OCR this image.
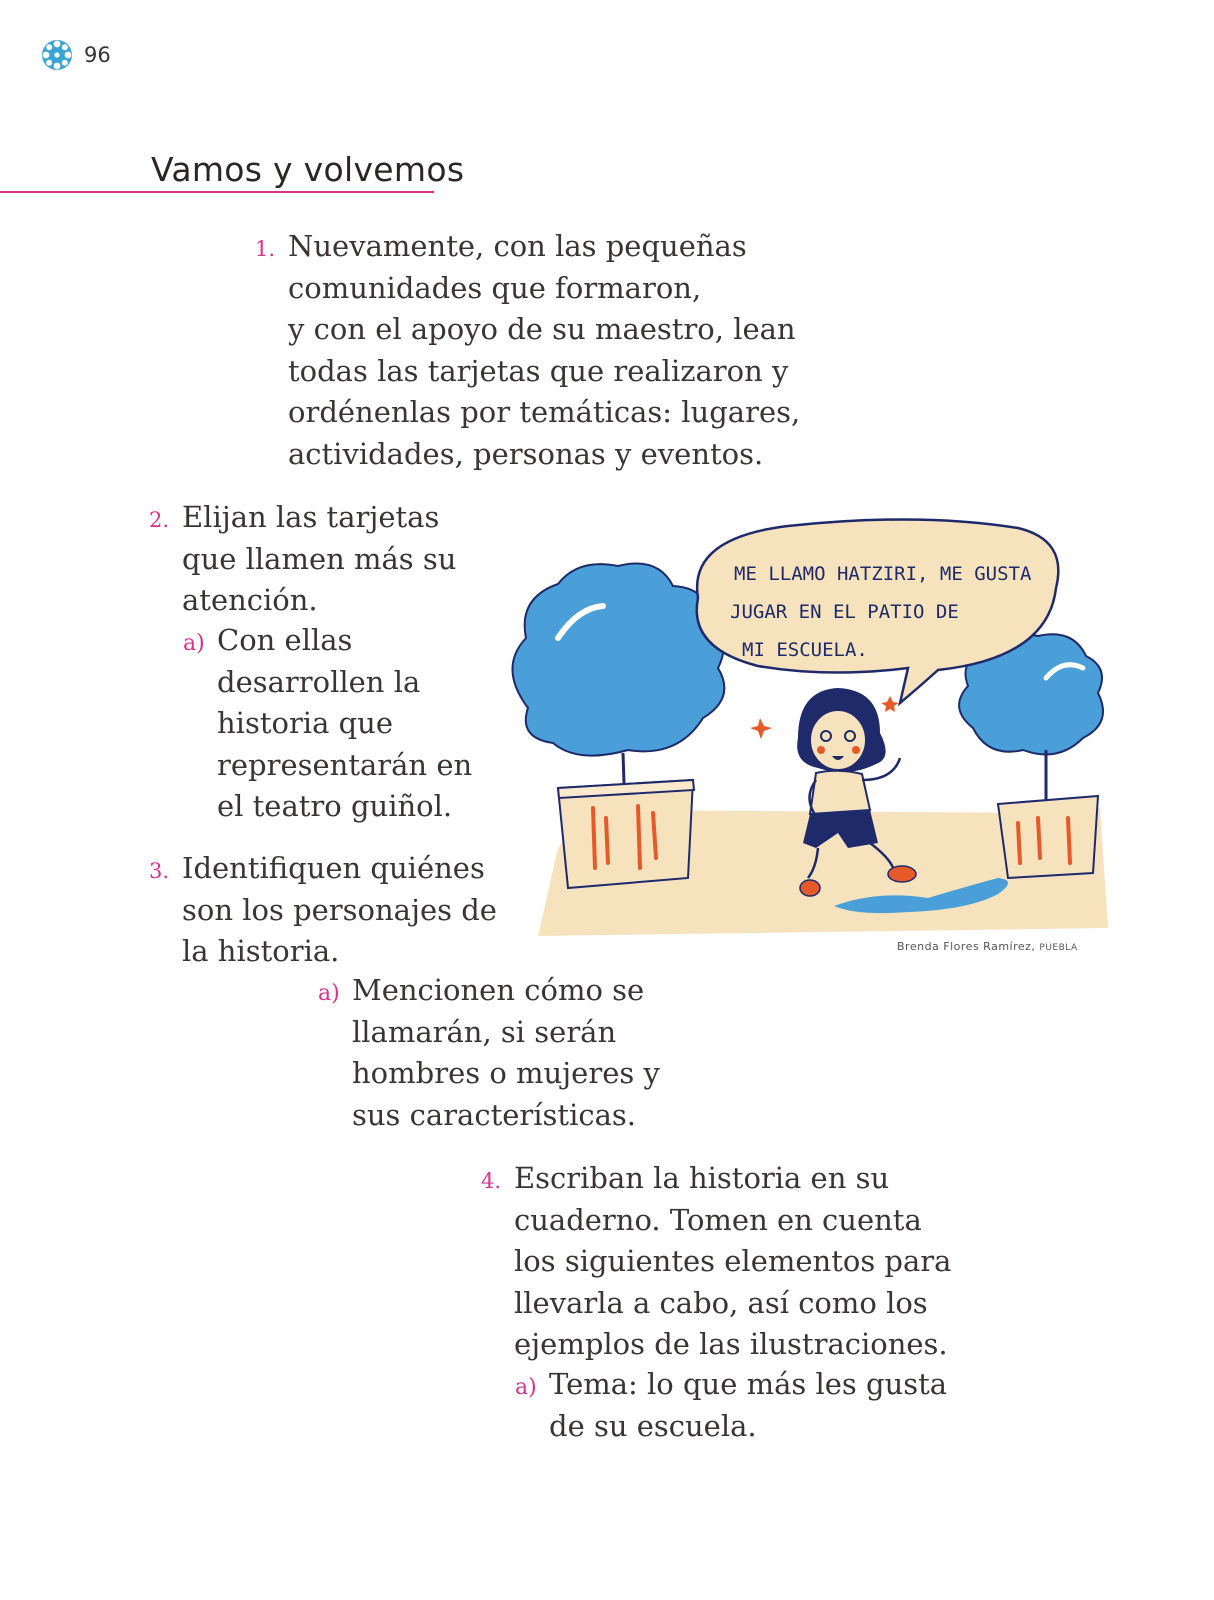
96
Vamos y volvemos
1. Nuevamente, con las pequeñas
comunidades que formaron,
y con el apoyo de su maestro, lean
todas las tarjetas que realizaron y
ordénenlas por temáticas: lugares,
actividades, personas y eventos.
2. Elijan las tarjetas
que llamen más su
atención.
a) Con ellas
desarrollen la
historia que
representarán en
el teatro guiñol.
3. Identifiquen quiénes
son los personajes de
la historia.
a) Mencionen cómo se
llamarán, si serán
hombres o mujeres y
sus características.
4. Escriban la historia en su
cuaderno. Tomen en cuenta
los siguientes elementos para
llevarla a cabo, así como los
ejemplos de las ilustraciones.
a) Tema: lo que más les gusta
de su escuela.
ME LLAMO HATZIRI, ME GUSTA
JUGAR EN EL PATIO DE
MI ESCUELA.
Brenda Flores Ramírez, PUEBLA
